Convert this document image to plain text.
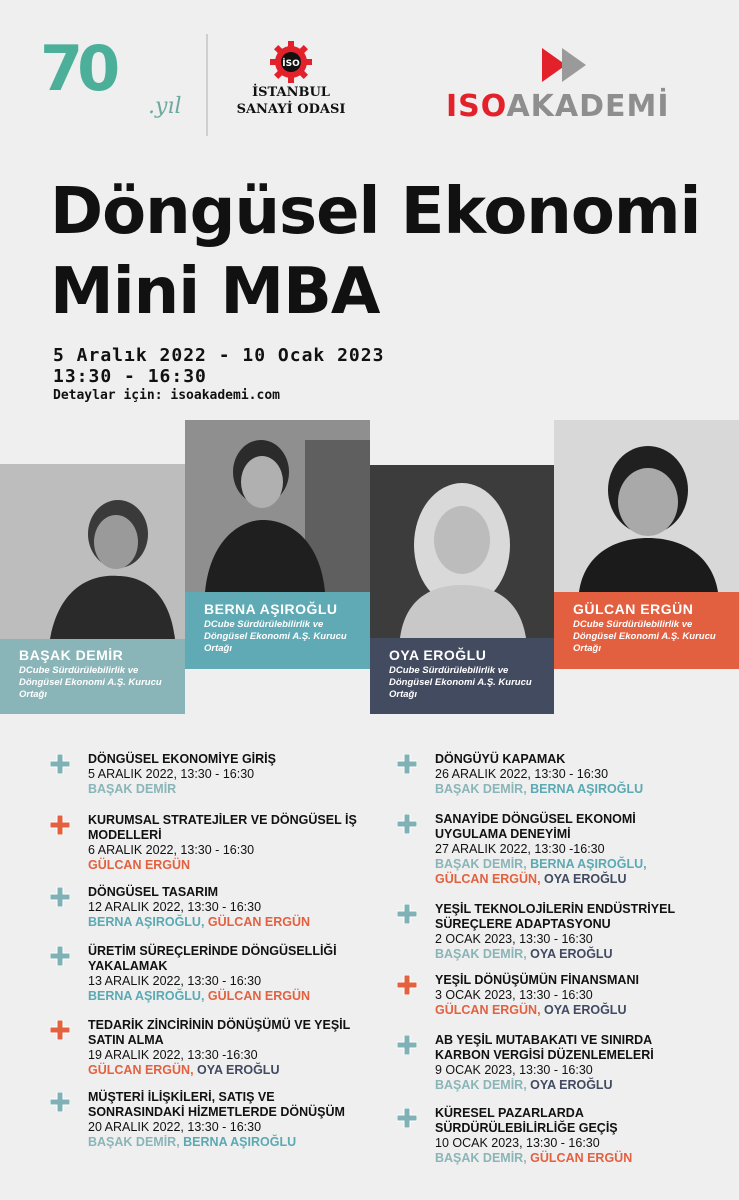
70
.yıl
İSO
İSTANBUL
SANAYİ ODASI	ISOAKADEMİ
Döngüsel Ekonomi
Mini MBA
5 Aralık 2022 - 10 Ocak 2023
13:30 - 16:30
Detaylar için: isoakademi.com
BAŞAK DEMİR
DCube Sürdürülebilirlik ve Döngüsel Ekonomi A.Ş. Kurucu Ortağı
BERNA AŞIROĞLU
DCube Sürdürülebilirlik ve Döngüsel Ekonomi A.Ş. Kurucu Ortağı	OYA EROĞLU
DCube Sürdürülebilirlik ve Döngüsel Ekonomi A.Ş. Kurucu Ortağı
GÜLCAN ERGÜN
DCube Sürdürülebilirlik ve Döngüsel Ekonomi A.Ş. Kurucu Ortağı
DÖNGÜSEL EKONOMİYE GİRİŞ
5 ARALIK 2022, 13:30 - 16:30
BAŞAK DEMİR
KURUMSAL STRATEJİLER VE DÖNGÜSEL İŞ MODELLERİ
6 ARALIK 2022, 13:30 - 16:30
GÜLCAN ERGÜN
DÖNGÜSEL TASARIM
12 ARALIK 2022, 13:30 - 16:30
BERNA AŞIROĞLU, GÜLCAN ERGÜN
ÜRETİM SÜREÇLERİNDE DÖNGÜSELLİĞİ YAKALAMAK
13 ARALIK 2022, 13:30 - 16:30
BERNA AŞIROĞLU, GÜLCAN ERGÜN
TEDARİK ZİNCİRİNİN DÖNÜŞÜMÜ VE YEŞİL SATIN ALMA
19 ARALIK 2022, 13:30 -16:30
GÜLCAN ERGÜN, OYA EROĞLU
MÜŞTERİ İLİŞKİLERİ, SATIŞ VE SONRASINDAKİ HİZMETLERDE DÖNÜŞÜM
20 ARALIK 2022, 13:30 - 16:30
BAŞAK DEMİR, BERNA AŞIROĞLU
DÖNGÜYÜ KAPAMAK
26 ARALIK 2022, 13:30 - 16:30
BAŞAK DEMİR, BERNA AŞIROĞLU
SANAYİDE DÖNGÜSEL EKONOMİ UYGULAMA DENEYİMİ
27 ARALIK 2022, 13:30 -16:30
BAŞAK DEMİR, BERNA AŞIROĞLU, GÜLCAN ERGÜN, OYA EROĞLU
YEŞİL TEKNOLOJİLERİN ENDÜSTRİYEL SÜREÇLERE ADAPTASYONU
2 OCAK 2023, 13:30 - 16:30
BAŞAK DEMİR, OYA EROĞLU
YEŞİL DÖNÜŞÜMÜN FİNANSMANI
3 OCAK 2023, 13:30 - 16:30
GÜLCAN ERGÜN, OYA EROĞLU
AB YEŞİL MUTABAKATI VE SINIRDA KARBON VERGİSİ DÜZENLEMELERİ
9 OCAK 2023, 13:30 - 16:30
BAŞAK DEMİR, OYA EROĞLU
KÜRESEL PAZARLARDA SÜRDÜRÜLEBİLİRLİĞE GEÇİŞ
10 OCAK 2023, 13:30 - 16:30
BAŞAK DEMİR, GÜLCAN ERGÜN
